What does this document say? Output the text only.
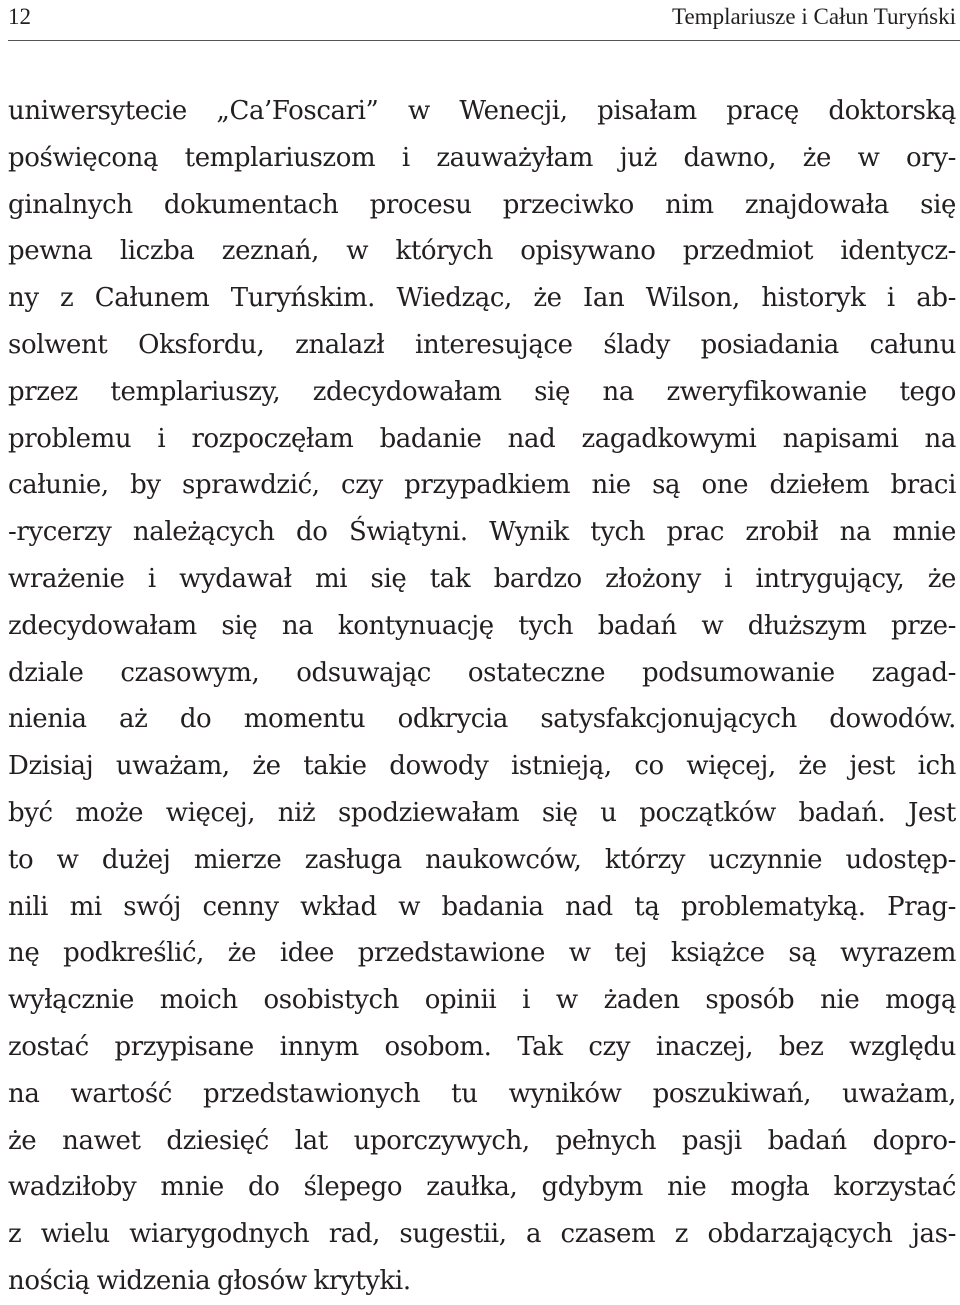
12	Templariusze i Całun Turyński
uniwersytecie „Ca’Foscari” w Wenecji, pisałam pracę doktorską
poświęconą templariuszom i zauważyłam już dawno, że w ory-
ginalnych dokumentach procesu przeciwko nim znajdowała się
pewna liczba zeznań, w których opisywano przedmiot identycz-
ny z Całunem Turyńskim. Wiedząc, że Ian Wilson, historyk i ab-
solwent Oksfordu, znalazł interesujące ślady posiadania całunu
przez templariuszy, zdecydowałam się na zweryfikowanie tego
problemu i rozpoczęłam badanie nad zagadkowymi napisami na
całunie, by sprawdzić, czy przypadkiem nie są one dziełem braci
-rycerzy należących do Świątyni. Wynik tych prac zrobił na mnie
wrażenie i wydawał mi się tak bardzo złożony i intrygujący, że
zdecydowałam się na kontynuację tych badań w dłuższym prze-
dziale czasowym, odsuwając ostateczne podsumowanie zagad-
nienia aż do momentu odkrycia satysfakcjonujących dowodów.
Dzisiaj uważam, że takie dowody istnieją, co więcej, że jest ich
być może więcej, niż spodziewałam się u początków badań. Jest
to w dużej mierze zasługa naukowców, którzy uczynnie udostęp-
nili mi swój cenny wkład w badania nad tą problematyką. Prag-
nę podkreślić, że idee przedstawione w tej książce są wyrazem
wyłącznie moich osobistych opinii i w żaden sposób nie mogą
zostać przypisane innym osobom. Tak czy inaczej, bez względu
na wartość przedstawionych tu wyników poszukiwań, uważam,
że nawet dziesięć lat uporczywych, pełnych pasji badań dopro-
wadziłoby mnie do ślepego zaułka, gdybym nie mogła korzystać
z wielu wiarygodnych rad, sugestii, a czasem z obdarzających jas-
nością widzenia głosów krytyki.
